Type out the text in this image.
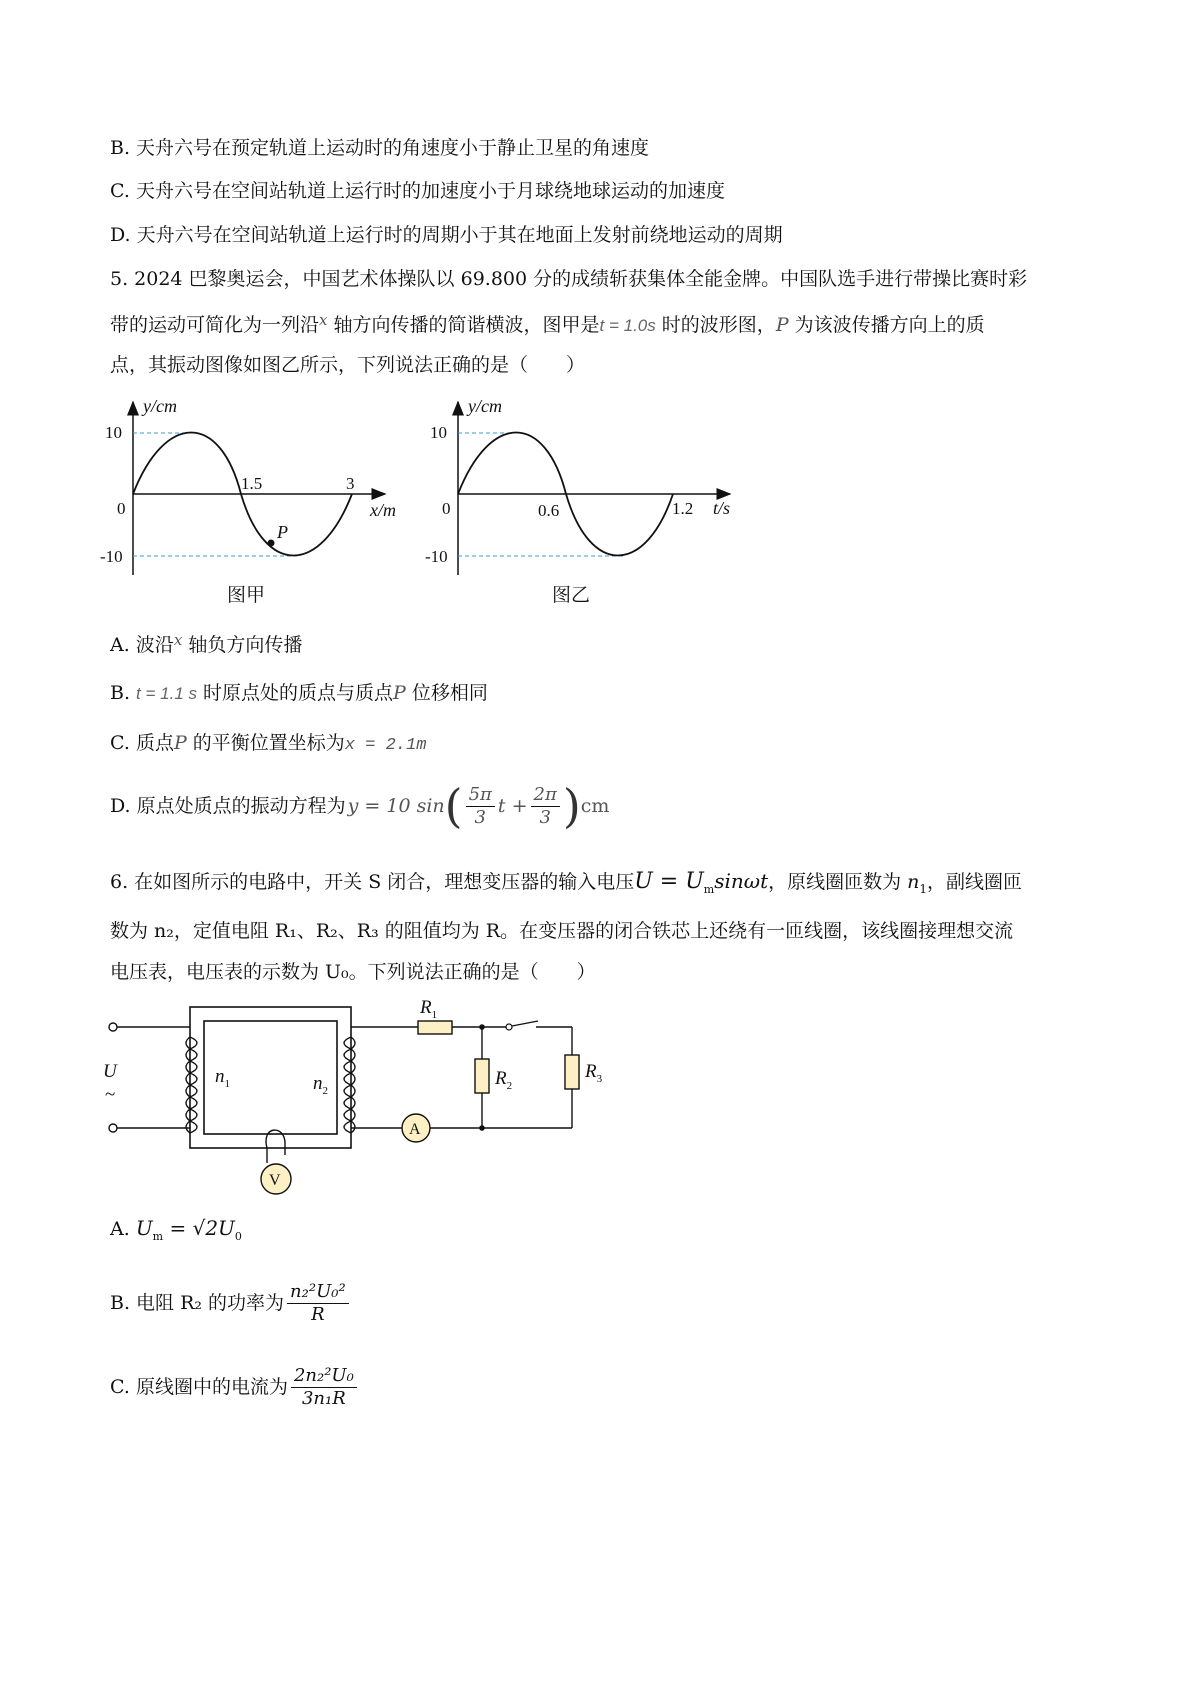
B. 天舟六号在预定轨道上运动时的角速度小于静止卫星的角速度
C. 天舟六号在空间站轨道上运行时的加速度小于月球绕地球运动的加速度
D. 天舟六号在空间站轨道上运行时的周期小于其在地面上发射前绕地运动的周期
5. 2024 巴黎奥运会，中国艺术体操队以 69.800 分的成绩斩获集体全能金牌。中国队选手进行带操比赛时彩
带的运动可简化为一列沿$^x$ 轴方向传播的简谐横波，图甲是t = 1.0s 时的波形图，P 为该波传播方向上的质
点，其振动图像如图乙所示，下列说法正确的是（　　）
y/cm
10
-10
0
1.5	3
x/m
P
图甲
y/cm
10
-10
0	0.6	1.2 t/s
图乙
A. 波沿$^x$ 轴负方向传播
B. t = 1.1 s 时原点处的质点与质点P 位移相同
C. 质点P 的平衡位置坐标为x = 2.1m
D. 原点处质点的振动方程为 y = 10 sin ( $\frac{5\pi}{3}$ $t + \frac{2\pi}{3}$ ) cm
6. 在如图所示的电路中，开关 S 闭合，理想变压器的输入电压$U = U_m\sin\omega t$，原线圈匝数为 $n_1$，副线圈匝
数为 n₂，定值电阻 R₁、R₂、R₃ 的阻值均为 R。在变压器的闭合铁芯上还绕有一匝线圈，该线圈接理想交流
电压表，电压表的示数为 U₀。下列说法正确的是（　　）
U
~
$n_1$	$n_2$
$R_1$
$R_3$
$R_2$
A
V
A. $U_m = √2U_0$
B. 电阻 R₂ 的功率为 $\frac{\text{n₂²U₀²}}{R}$
C. 原线圈中的电流为 $\frac{\text{2n₂²U₀}}{\text{3n₁R}}$
